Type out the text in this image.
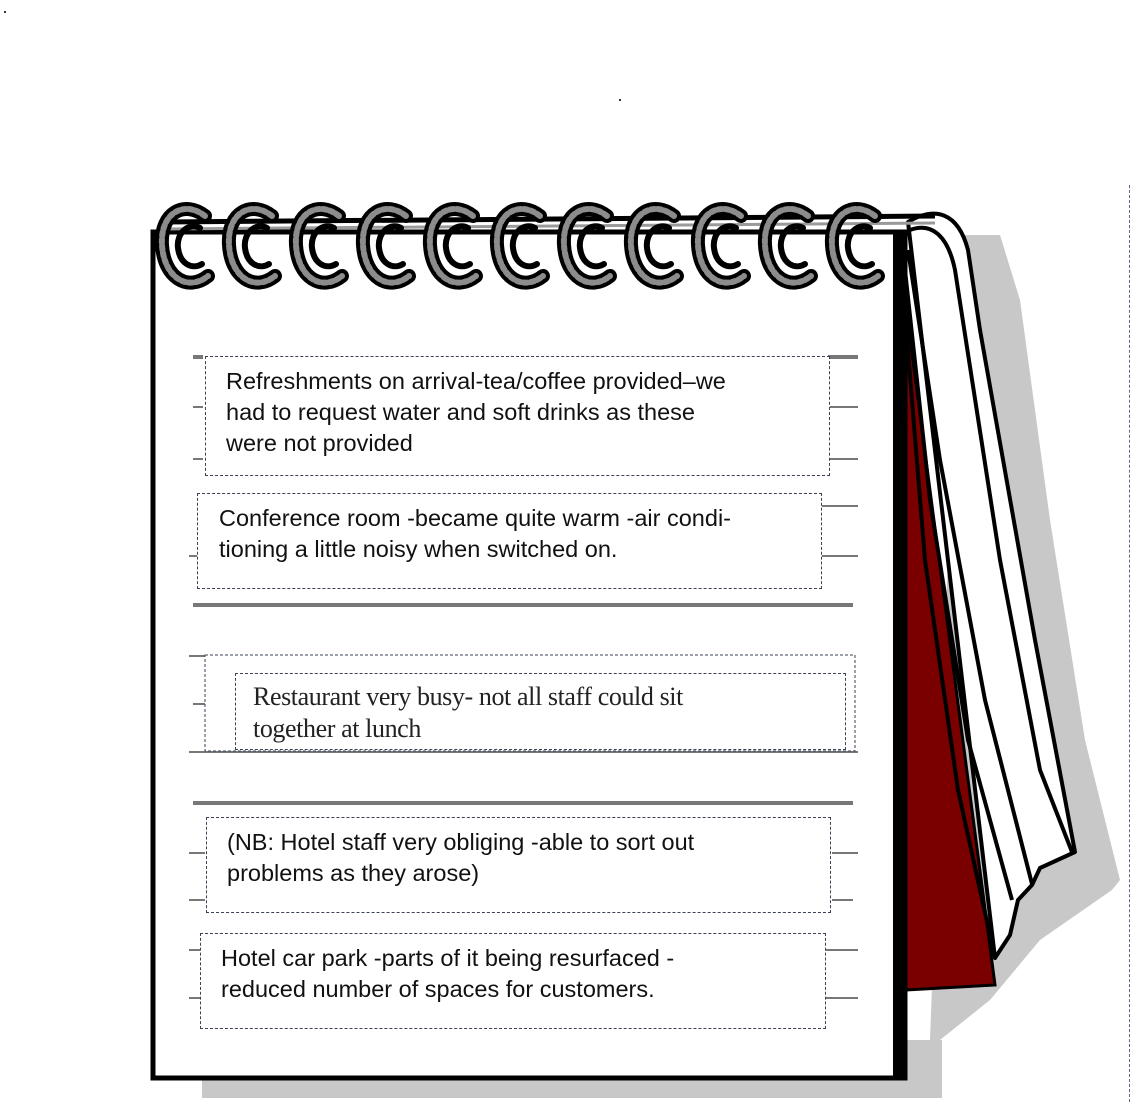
Refreshments on arrival-tea/coffee provided–we
had to request water and soft drinks as these
were not provided
Conference room -became quite warm -air condi-
tioning a little noisy when switched on.
Restaurant very busy- not all staff could sit
together at lunch
(NB: Hotel staff very obliging -able to sort out
problems as they arose)
Hotel car park -parts of it being resurfaced -
reduced number of spaces for customers.
